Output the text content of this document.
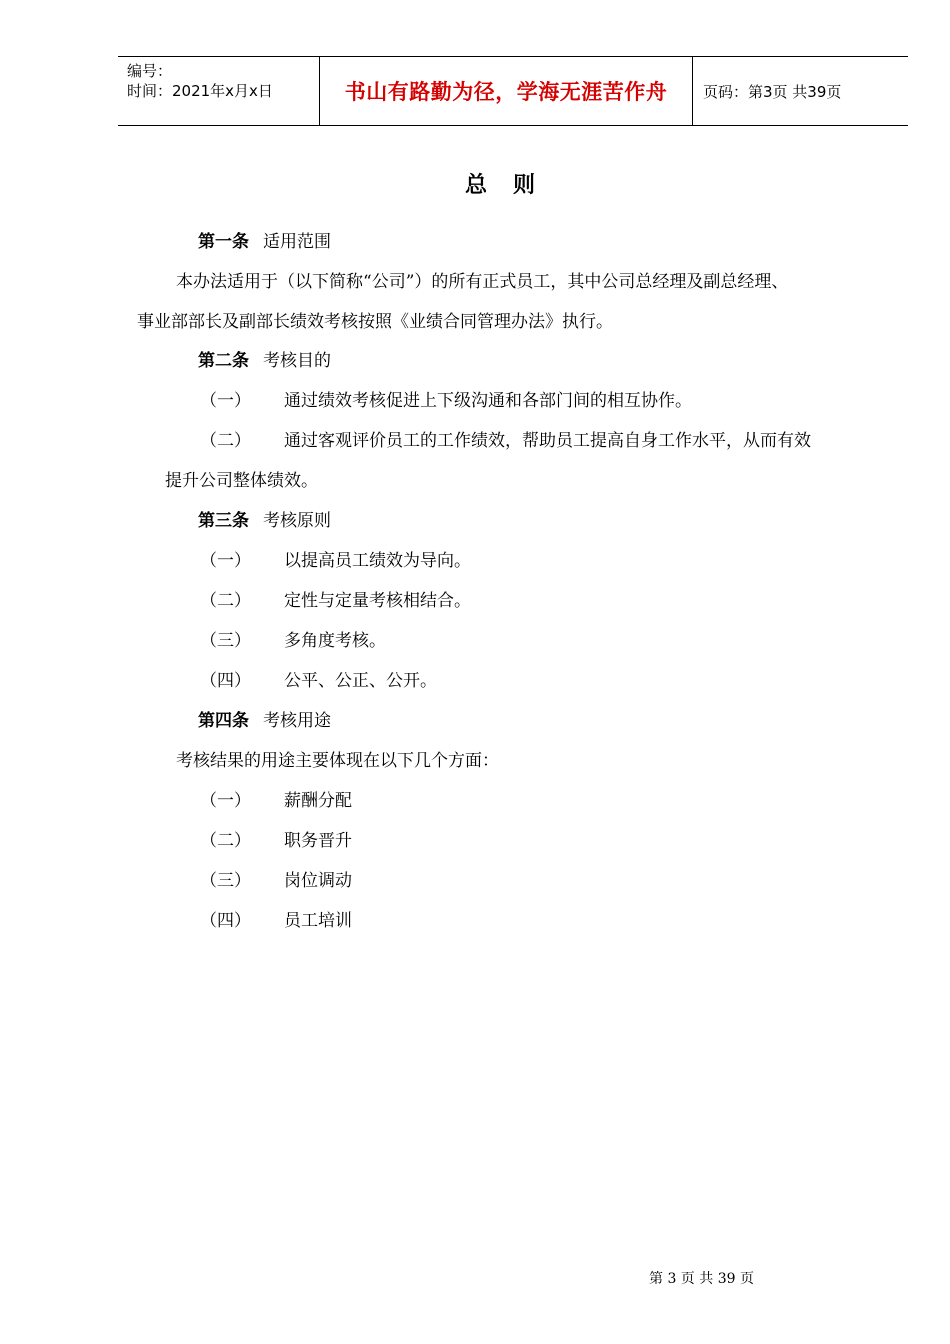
编号：
时间：2021年x月x日	书山有路勤为径，学海无涯苦作舟	页码：第3页 共39页
总则
第一条 适用范围
本办法适用于（以下简称“公司”）的所有正式员工，其中公司总经理及副总经理、
事业部部长及副部长绩效考核按照《业绩合同管理办法》执行。
第二条 考核目的
（一） 通过绩效考核促进上下级沟通和各部门间的相互协作。
（二） 通过客观评价员工的工作绩效，帮助员工提高自身工作水平，从而有效
提升公司整体绩效。
第三条 考核原则
（一） 以提高员工绩效为导向。
（二） 定性与定量考核相结合。
（三） 多角度考核。
（四） 公平、公正、公开。
第四条 考核用途
考核结果的用途主要体现在以下几个方面：
（一） 薪酬分配
（二） 职务晋升
（三） 岗位调动
（四） 员工培训
第 3 页 共 39 页
